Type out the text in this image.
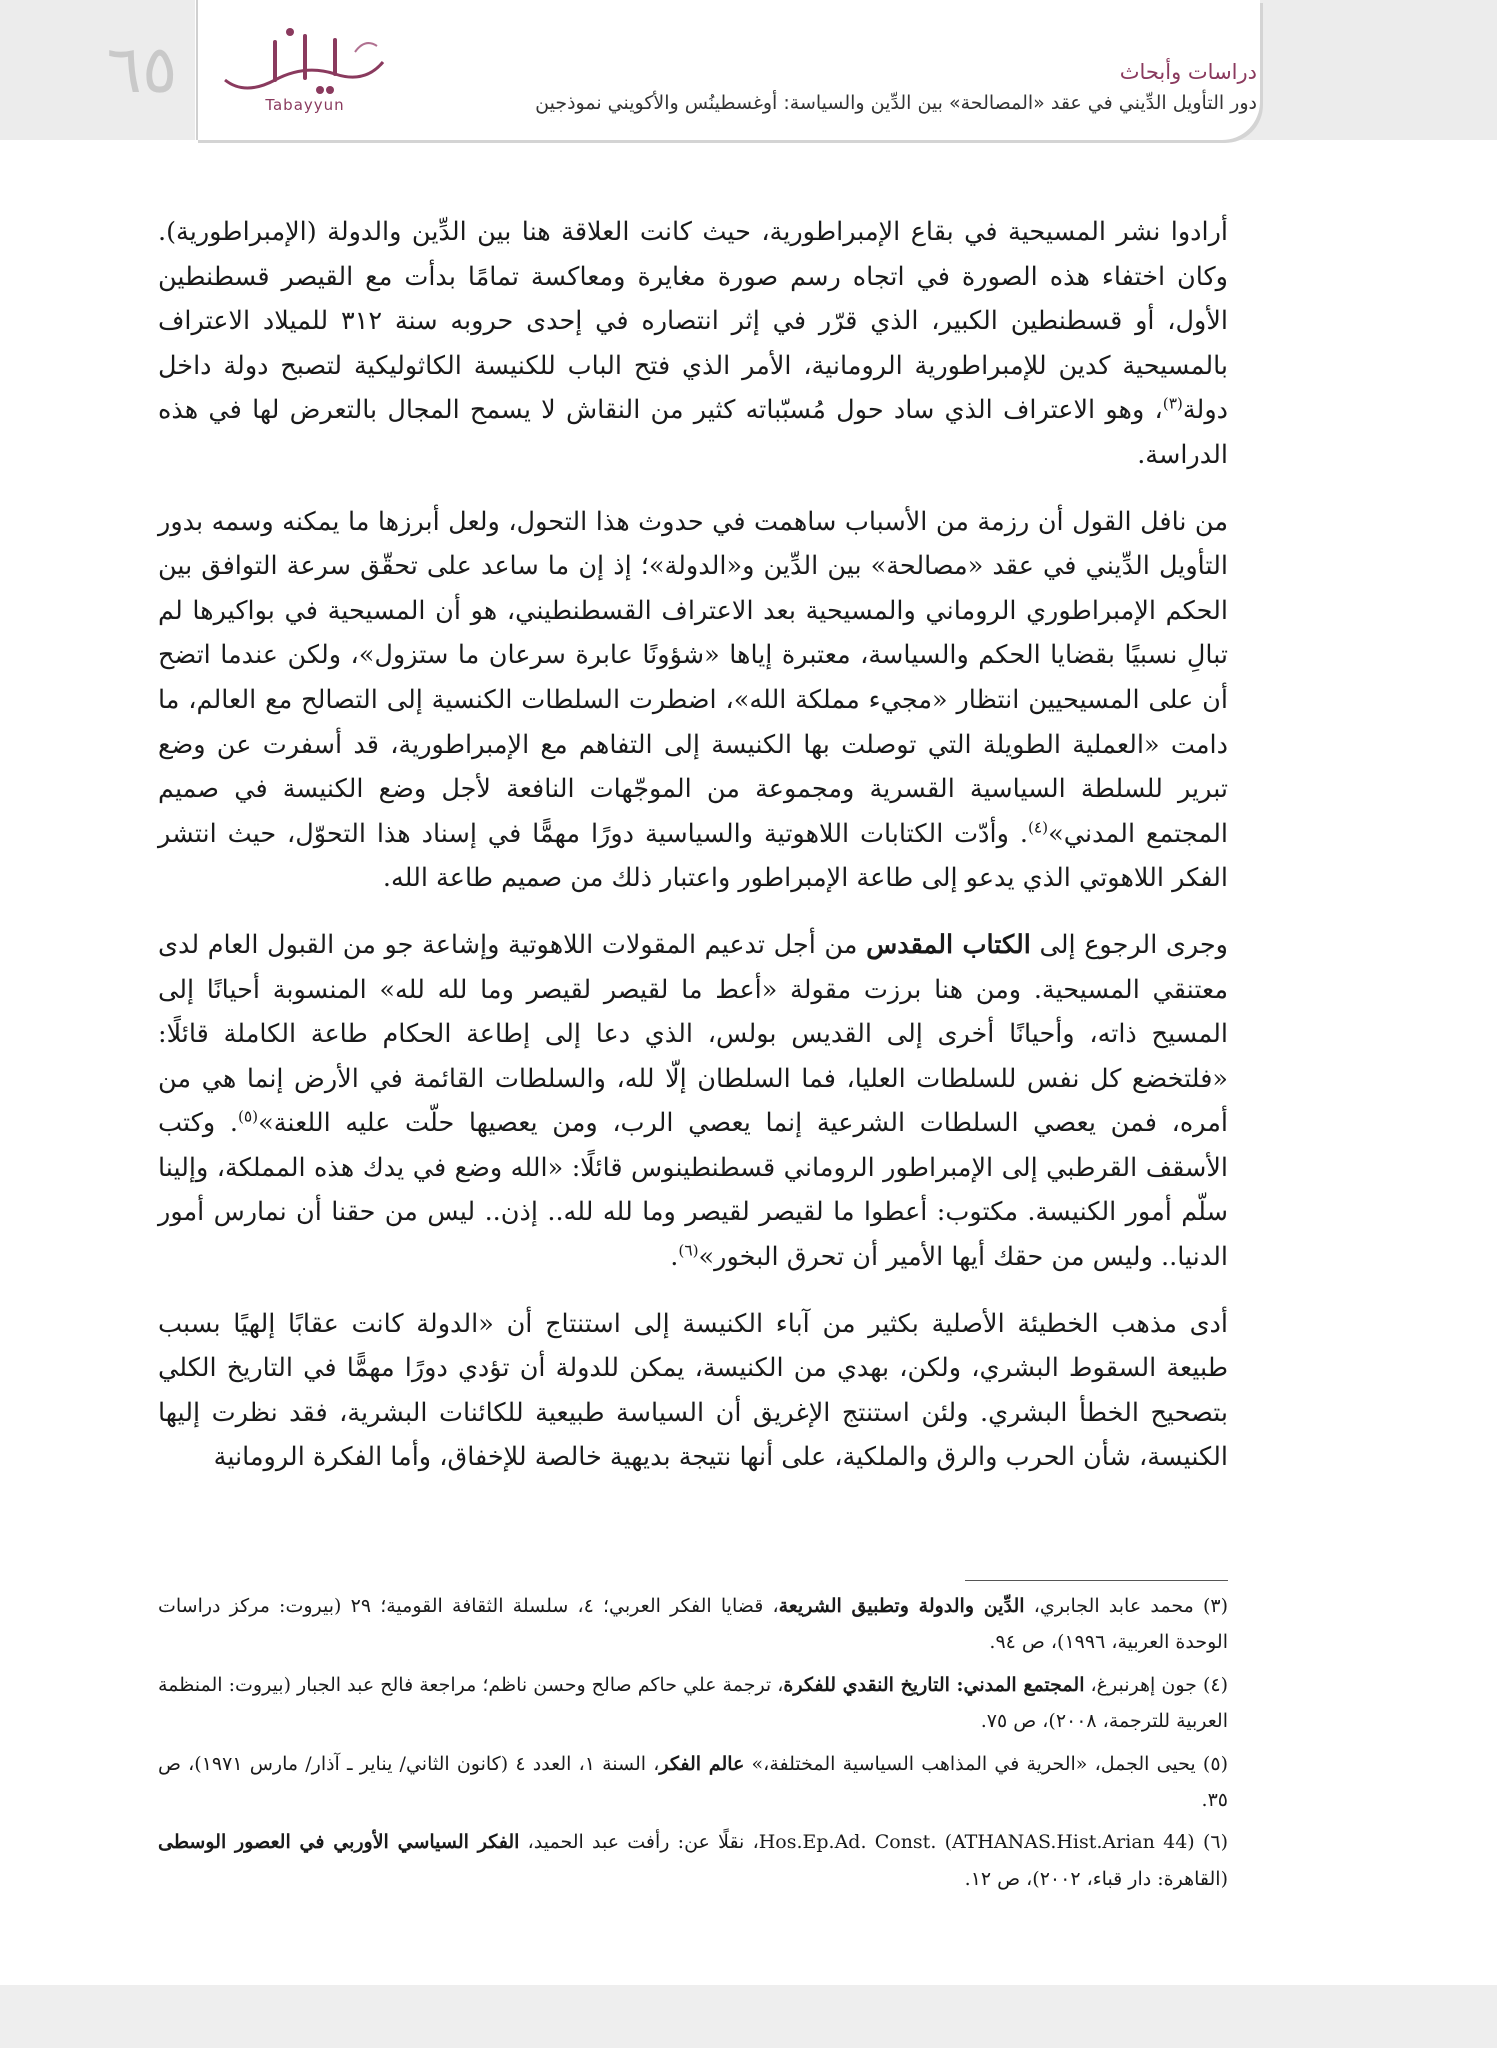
٦٥	Tabayyun
دراسات وأبحاث
دور التأويل الدِّيني في عقد «المصالحة» بين الدِّين والسياسة: أوغسطينُس والأكويني نموذجين

أرادوا نشر المسيحية في بقاع الإمبراطورية، حيث كانت العلاقة هنا بين الدِّين والدولة (الإمبراطورية). وكان اختفاء هذه الصورة في اتجاه رسم صورة مغايرة ومعاكسة تمامًا بدأت مع القيصر قسطنطين الأول، أو قسطنطين الكبير، الذي قرّر في إثر انتصاره في إحدى حروبه سنة ٣١٢ للميلاد الاعتراف بالمسيحية كدين للإمبراطورية الرومانية، الأمر الذي فتح الباب للكنيسة الكاثوليكية لتصبح دولة داخل دولة$^{(٣)}$، وهو الاعتراف الذي ساد حول مُسبّباته كثير من النقاش لا يسمح المجال بالتعرض لها في هذه الدراسة.

من نافل القول أن رزمة من الأسباب ساهمت في حدوث هذا التحول، ولعل أبرزها ما يمكنه وسمه بدور التأويل الدِّيني في عقد «مصالحة» بين الدِّين و«الدولة»؛ إذ إن ما ساعد على تحقّق سرعة التوافق بين الحكم الإمبراطوري الروماني والمسيحية بعد الاعتراف القسطنطيني، هو أن المسيحية في بواكيرها لم تبالِ نسبيًا بقضايا الحكم والسياسة، معتبرة إياها «شؤونًا عابرة سرعان ما ستزول»، ولكن عندما اتضح أن على المسيحيين انتظار «مجيء مملكة الله»، اضطرت السلطات الكنسية إلى التصالح مع العالم، ما دامت «العملية الطويلة التي توصلت بها الكنيسة إلى التفاهم مع الإمبراطورية، قد أسفرت عن وضع تبرير للسلطة السياسية القسرية ومجموعة من الموجّهات النافعة لأجل وضع الكنيسة في صميم المجتمع المدني»$^{(٤)}$. وأدّت الكتابات اللاهوتية والسياسية دورًا مهمًّا في إسناد هذا التحوّل، حيث انتشر الفكر اللاهوتي الذي يدعو إلى طاعة الإمبراطور واعتبار ذلك من صميم طاعة الله.

وجرى الرجوع إلى الكتاب المقدس من أجل تدعيم المقولات اللاهوتية وإشاعة جو من القبول العام لدى معتنقي المسيحية. ومن هنا برزت مقولة «أعط ما لقيصر لقيصر وما لله لله» المنسوبة أحيانًا إلى المسيح ذاته، وأحيانًا أخرى إلى القديس بولس، الذي دعا إلى إطاعة الحكام طاعة الكاملة قائلًا: «فلتخضع كل نفس للسلطات العليا، فما السلطان إلّا لله، والسلطات القائمة في الأرض إنما هي من أمره، فمن يعصي السلطات الشرعية إنما يعصي الرب، ومن يعصيها حلّت عليه اللعنة»$^{(٥)}$. وكتب الأسقف القرطبي إلى الإمبراطور الروماني قسطنطينوس قائلًا: «الله وضع في يدك هذه المملكة، وإلينا سلّم أمور الكنيسة. مكتوب: أعطوا ما لقيصر لقيصر وما لله لله.. إذن.. ليس من حقنا أن نمارس أمور الدنيا.. وليس من حقك أيها الأمير أن تحرق البخور»$^{(٦)}$.

أدى مذهب الخطيئة الأصلية بكثير من آباء الكنيسة إلى استنتاج أن «الدولة كانت عقابًا إلهيًا بسبب طبيعة السقوط البشري، ولكن، بهدي من الكنيسة، يمكن للدولة أن تؤدي دورًا مهمًّا في التاريخ الكلي بتصحيح الخطأ البشري. ولئن استنتج الإغريق أن السياسة طبيعية للكائنات البشرية، فقد نظرت إليها الكنيسة، شأن الحرب والرق والملكية، على أنها نتيجة بديهية خالصة للإخفاق، وأما الفكرة الرومانية

(٣) محمد عابد الجابري، الدِّين والدولة وتطبيق الشريعة، قضايا الفكر العربي؛ ٤، سلسلة الثقافة القومية؛ ٢٩ (بيروت: مركز دراسات الوحدة العربية، ١٩٩٦)، ص ٩٤.
(٤) جون إهرنبرغ، المجتمع المدني: التاريخ النقدي للفكرة، ترجمة علي حاكم صالح وحسن ناظم؛ مراجعة فالح عبد الجبار (بيروت: المنظمة العربية للترجمة، ٢٠٠٨)، ص ٧٥.
(٥) يحيى الجمل، «الحرية في المذاهب السياسية المختلفة،» عالم الفكر، السنة ١، العدد ٤ (كانون الثاني/ يناير ـ آذار/ مارس ١٩٧١)، ص ٣٥.
(٦) Hos.Ep.Ad. Const. (ATHANAS.Hist.Arian 44)، نقلًا عن: رأفت عبد الحميد، الفكر السياسي الأوربي في العصور الوسطى (القاهرة: دار قباء، ٢٠٠٢)، ص ١٢.
